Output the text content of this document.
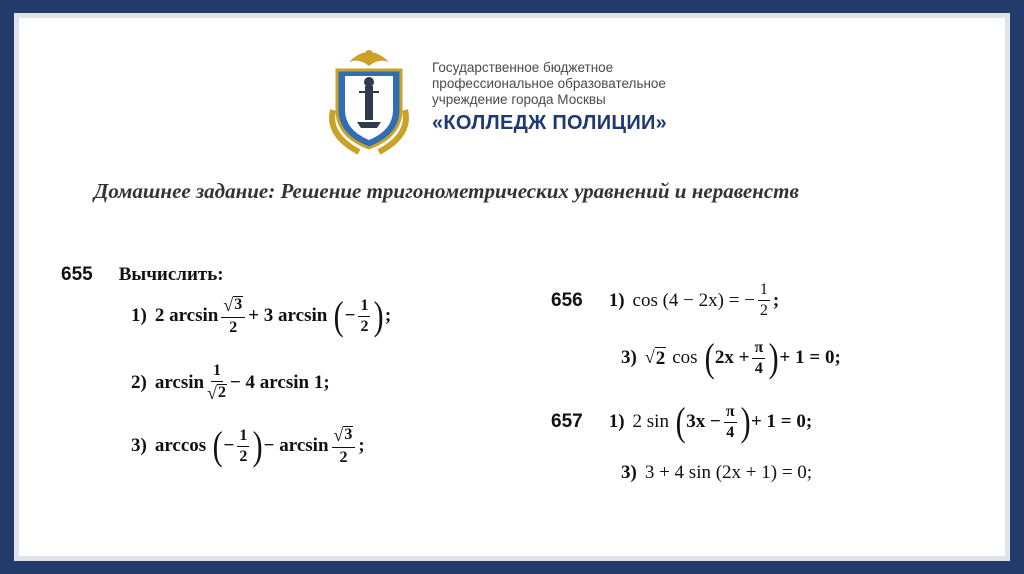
Государственное бюджетное
профессиональное образовательное
учреждение города Москвы
«КОЛЛЕДЖ ПОЛИЦИИ»
Домашнее задание: Решение тригонометрических уравнений и неравенств
655 Вычислить:
1) 2 $\arcsin \frac{√ 3}{2} + 3$ arcsin ( − $\frac{1}{2}$ ) ;
2) $\arcsin \frac{1}{√ 2} - 4$ arcsin 1;
3) arccos ( − $\frac{1}{2}$ ) − $\arcsin \frac{√ 3}{2}$ ;
656 1) cos (4 − 2x) = − $\frac{1}{2}$ ;
3) √ 2 cos ( $2x + \frac{\pi}{4}$ ) + 1 = 0;
657 1) 2 sin ( $3x - \frac{\pi}{4}$ ) + 1 = 0;
3) 3 + 4 sin (2x + 1) = 0;
